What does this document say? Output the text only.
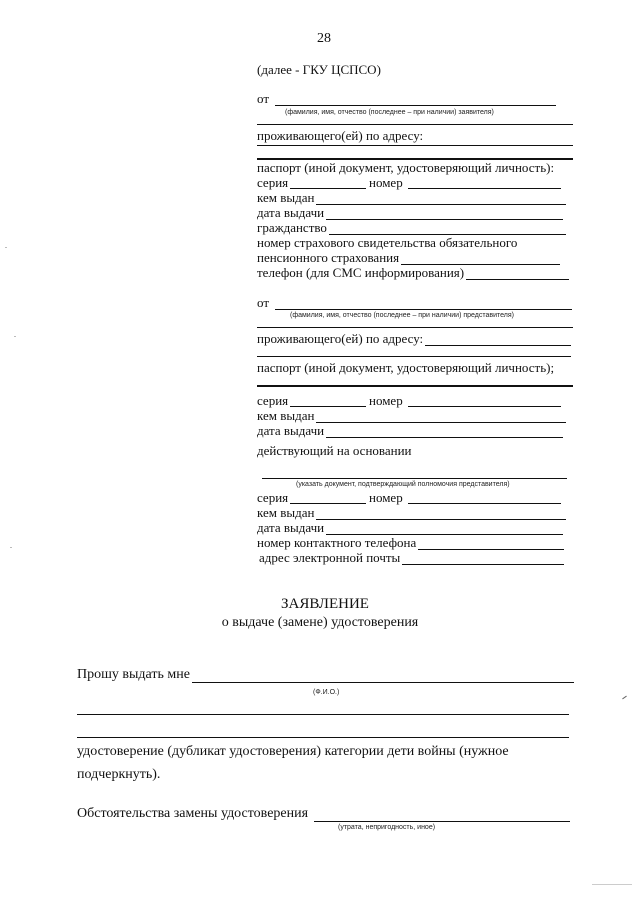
28
(далее - ГКУ ЦСПСО)
от
(фамилия, имя, отчество (последнее – при наличии) заявителя)
проживающего(ей) по адресу:
паспорт (иной документ, удостоверяющий личность):
серия	номер
кем выдан
дата выдачи
гражданство
номер страхового свидетельства обязательного
пенсионного страхования
телефон (для СМС информирования)
от
(фамилия, имя, отчество (последнее – при наличии) представителя)
проживающего(ей) по адресу:
паспорт (иной документ, удостоверяющий личность);
серия	номер
кем выдан
дата выдачи
действующий на основании
(указать документ, подтверждающий полномочия представителя)
серия	номер
кем выдан
дата выдачи
номер контактного телефона
адрес электронной почты
ЗАЯВЛЕНИЕ
о выдаче (замене) удостоверения
Прошу выдать мне
(Ф.И.О.)
удостоверение (дубликат удостоверения) категории дети войны (нужное
подчеркнуть).
Обстоятельства замены удостоверения
(утрата, непригодность, иное)
